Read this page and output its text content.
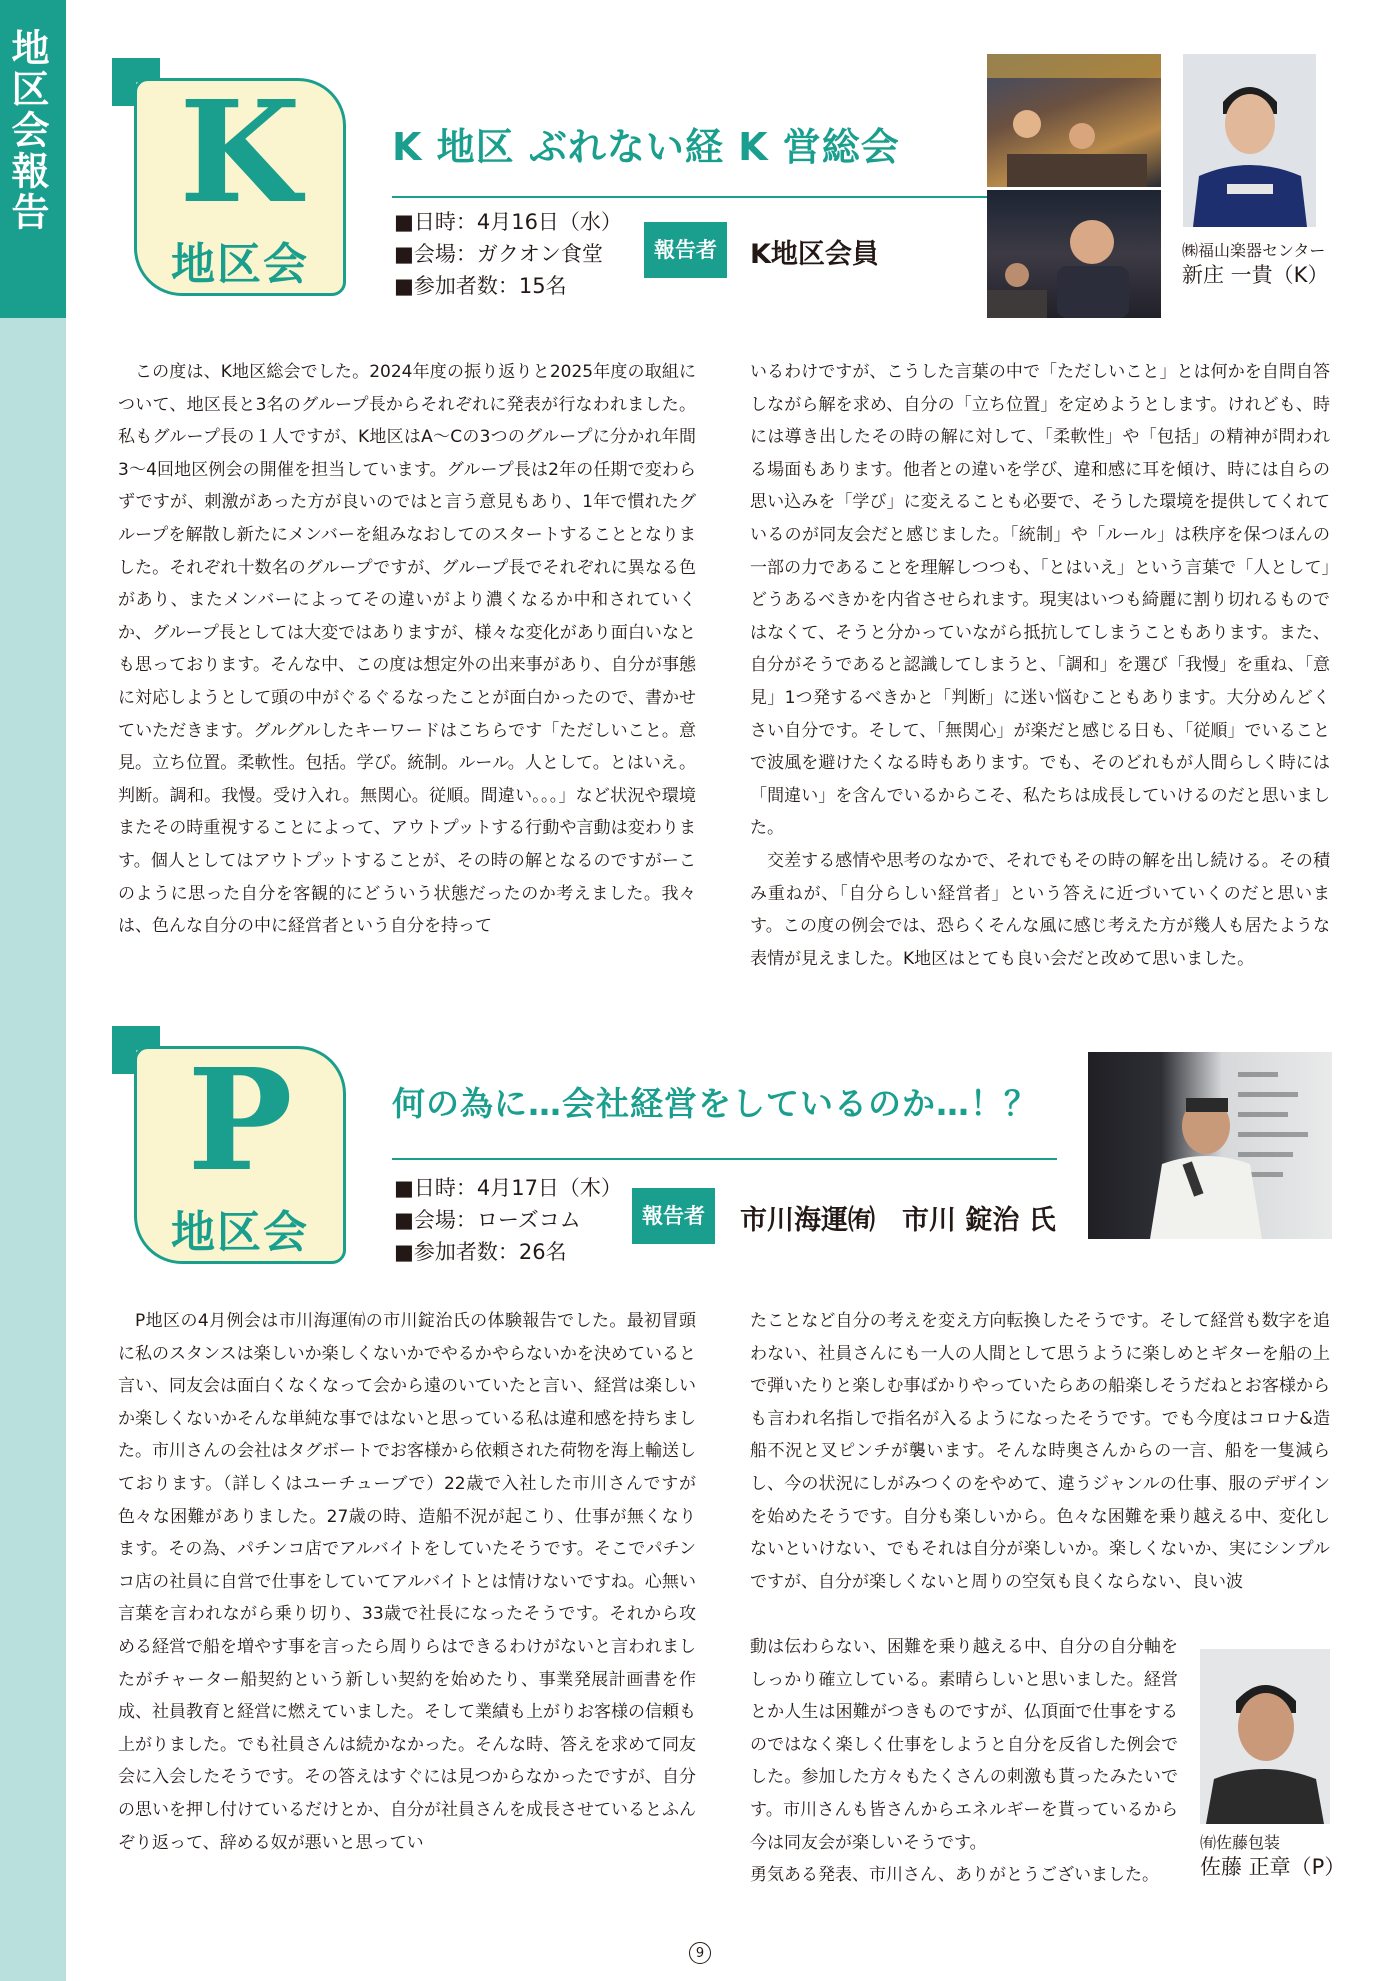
地区会報告 K
地区会
K 地区 ぶれない経 K 営総会
■日時：4月16日（水）
■会場：ガクオン食堂
■参加者数：15名
報告者	K地区会員	㈱福山楽器センター
新庄 一貴（K）

この度は、K地区総会でした。2024年度の振り返りと2025年度の取組について、地区長と3名のグループ長からそれぞれに発表が行なわれました。私もグループ長の１人ですが、K地区はA〜Cの3つのグループに分かれ年間3〜4回地区例会の開催を担当しています。グループ長は2年の任期で変わらずですが、刺激があった方が良いのではと言う意見もあり、1年で慣れたグループを解散し新たにメンバーを組みなおしてのスタートすることとなりました。それぞれ十数名のグループですが、グループ長でそれぞれに異なる色があり、またメンバーによってその違いがより濃くなるか中和されていくか、グループ長としては大変ではありますが、様々な変化があり面白いなとも思っております。そんな中、この度は想定外の出来事があり、自分が事態に対応しようとして頭の中がぐるぐるなったことが面白かったので、書かせていただきます。グルグルしたキーワードはこちらです「ただしいこと。意見。立ち位置。柔軟性。包括。学び。統制。ルール。人として。とはいえ。判断。調和。我慢。受け入れ。無関心。従順。間違い。。。」など状況や環境またその時重視することによって、アウトプットする行動や言動は変わります。個人としてはアウトプットすることが、その時の解となるのですがーこのように思った自分を客観的にどういう状態だったのか考えました。我々は、色んな自分の中に経営者という自分を持って

いるわけですが、こうした言葉の中で「ただしいこと」とは何かを自問自答しながら解を求め、自分の「立ち位置」を定めようとします。けれども、時には導き出したその時の解に対して、「柔軟性」や「包括」の精神が問われる場面もあります。他者との違いを学び、違和感に耳を傾け、時には自らの思い込みを「学び」に変えることも必要で、そうした環境を提供してくれているのが同友会だと感じました。「統制」や「ルール」は秩序を保つほんの一部の力であることを理解しつつも、「とはいえ」という言葉で「人として」どうあるべきかを内省させられます。現実はいつも綺麗に割り切れるものではなくて、そうと分かっていながら抵抗してしまうこともあります。また、自分がそうであると認識してしまうと、「調和」を選び「我慢」を重ね、「意見」1つ発するべきかと「判断」に迷い悩むこともあります。大分めんどくさい自分です。そして、「無関心」が楽だと感じる日も、「従順」でいることで波風を避けたくなる時もあります。でも、そのどれもが人間らしく時には「間違い」を含んでいるからこそ、私たちは成長していけるのだと思いました。

交差する感情や思考のなかで、それでもその時の解を出し続ける。その積み重ねが、「自分らしい経営者」という答えに近づいていくのだと思います。この度の例会では、恐らくそんな風に感じ考えた方が幾人も居たような表情が見えました。K地区はとても良い会だと改めて思いました。

P
地区会
何の為に…会社経営をしているのか…！？
■日時：4月17日（木）
■会場：ローズコム
■参加者数：26名
報告者	市川海運㈲　市川 錠治 氏
㈲佐藤包装
佐藤 正章（P）

P地区の4月例会は市川海運㈲の市川錠治氏の体験報告でした。最初冒頭に私のスタンスは楽しいか楽しくないかでやるかやらないかを決めていると言い、同友会は面白くなくなって会から遠のいていたと言い、経営は楽しいか楽しくないかそんな単純な事ではないと思っている私は違和感を持ちました。市川さんの会社はタグボートでお客様から依頼された荷物を海上輸送しております。（詳しくはユーチューブで）22歳で入社した市川さんですが色々な困難がありました。27歳の時、造船不況が起こり、仕事が無くなります。その為、パチンコ店でアルバイトをしていたそうです。そこでパチンコ店の社員に自営で仕事をしていてアルバイトとは情けないですね。心無い言葉を言われながら乗り切り、33歳で社長になったそうです。それから攻める経営で船を増やす事を言ったら周りらはできるわけがないと言われましたがチャーター船契約という新しい契約を始めたり、事業発展計画書を作成、社員教育と経営に燃えていました。そして業績も上がりお客様の信頼も上がりました。でも社員さんは続かなかった。そんな時、答えを求めて同友会に入会したそうです。その答えはすぐには見つからなかったですが、自分の思いを押し付けているだけとか、自分が社員さんを成長させているとふんぞり返って、辞める奴が悪いと思ってい

たことなど自分の考えを変え方向転換したそうです。そして経営も数字を追わない、社員さんにも一人の人間として思うように楽しめとギターを船の上で弾いたりと楽しむ事ばかりやっていたらあの船楽しそうだねとお客様からも言われ名指しで指名が入るようになったそうです。でも今度はコロナ&造船不況と叉ピンチが襲います。そんな時奥さんからの一言、船を一隻減らし、今の状況にしがみつくのをやめて、違うジャンルの仕事、服のデザインを始めたそうです。自分も楽しいから。色々な困難を乗り越える中、変化しないといけない、でもそれは自分が楽しいか。楽しくないか、実にシンプルですが、自分が楽しくないと周りの空気も良くならない、良い波

動は伝わらない、困難を乗り越える中、自分の自分軸をしっかり確立している。素晴らしいと思いました。経営とか人生は困難がつきものですが、仏頂面で仕事をするのではなく楽しく仕事をしようと自分を反省した例会でした。参加した方々もたくさんの刺激も貰ったみたいです。市川さんも皆さんからエネルギーを貰っているから今は同友会が楽しいそうです。

勇気ある発表、市川さん、ありがとうございました。

9
